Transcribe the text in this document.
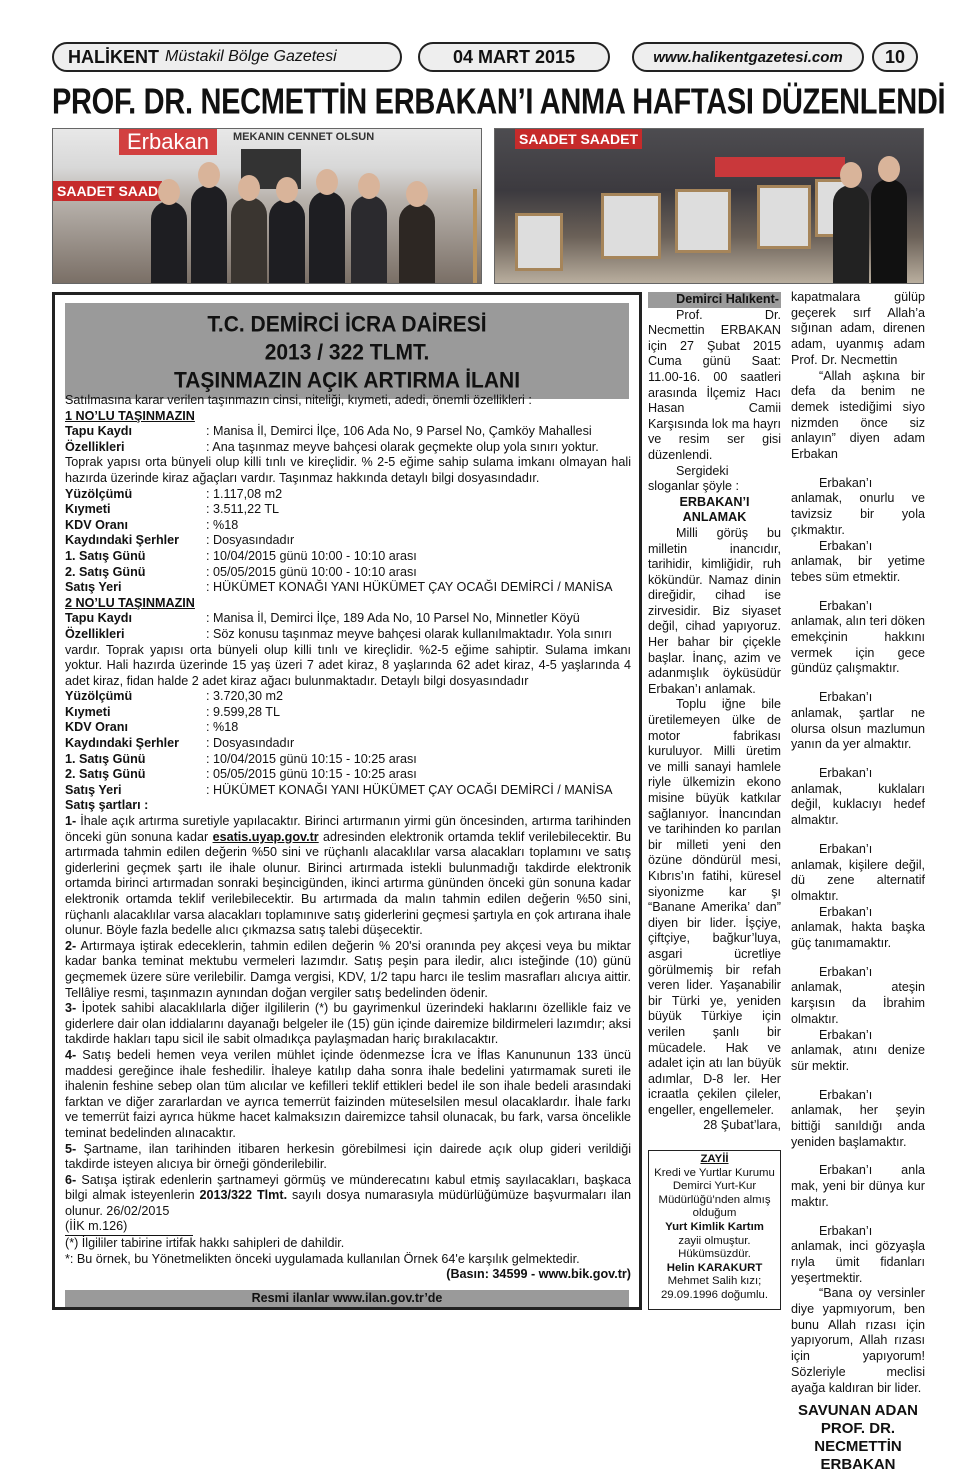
HALİKENT Müstakil Bölge Gazetesi	04 MART 2015	www.halikentgazetesi.com	10
PROF. DR. NECMETTİN ERBAKAN’I ANMA HAFTASI DÜZENLENDİ
Erbakan	MEKANIN CENNET OLSUN
SAADET SAAD
SAADET SAADET
T.C. DEMİRCİ İCRA DAİRESİ
2013 / 322 TLMT.
TAŞINMAZIN AÇIK ARTIRMA İLANI

Satılmasına karar verilen taşınmazın cinsi, niteliği, kıymeti, adedi, önemli özellikleri :

1 NO’LU TAŞINMAZIN

Tapu Kaydı	: Manisa İl, Demirci İlçe, 106 Ada No, 9 Parsel No, Çamköy Mahallesi
Özellikleri	: Ana taşınmaz meyve bahçesi olarak geçmekte olup yola sınırı yoktur.

Toprak yapısı orta bünyeli olup killi tınlı ve kireçlidir. % 2-5 eğime sahip sulama imkanı olmayan hali hazırda üzerinde kiraz ağaçları vardır. Taşınmaz hakkında detaylı bilgi dosyasındadır.

Yüzölçümü	: 1.117,08 m2
Kıymeti	: 3.511,22 TL
KDV Oranı	: %18
Kaydındaki Şerhler	: Dosyasındadır
1. Satış Günü	: 10/04/2015 günü 10:00 - 10:10 arası
2. Satış Günü	: 05/05/2015 günü 10:00 - 10:10 arası
Satış Yeri	: HÜKÜMET KONAĞI YANI HÜKÜMET ÇAY OCAĞI DEMİRCİ / MANİSA

2 NO’LU TAŞINMAZIN

Tapu Kaydı	: Manisa İl, Demirci İlçe, 189 Ada No, 10 Parsel No, Minnetler Köyü
Özellikleri	: Söz konusu taşınmaz meyve bahçesi olarak kullanılmaktadır. Yola sınırı

vardır. Toprak yapısı orta bünyeli olup killi tınlı ve kireçlidir. %2-5 eğime sahiptir. Sulama imkanı yoktur. Hali hazırda üzerinde 15 yaş üzeri 7 adet kiraz, 8 yaşlarında 62 adet kiraz, 4-5 yaşlarında 4 adet kiraz, fidan halde 2 adet kiraz ağacı bulunmaktadır. Detaylı bilgi dosyasındadır

Yüzölçümü	: 3.720,30 m2
Kıymeti	: 9.599,28 TL
KDV Oranı	: %18
Kaydındaki Şerhler	: Dosyasındadır
1. Satış Günü	: 10/04/2015 günü 10:15 - 10:25 arası
2. Satış Günü	: 05/05/2015 günü 10:15 - 10:25 arası
Satış Yeri	: HÜKÜMET KONAĞI YANI HÜKÜMET ÇAY OCAĞI DEMİRCİ / MANİSA

Satış şartları :

1- İhale açık artırma suretiyle yapılacaktır. Birinci artırmanın yirmi gün öncesinden, artırma tarihinden önceki gün sonuna kadar esatis.uyap.gov.tr adresinden elektronik ortamda teklif verilebilecektir. Bu artırmada tahmin edilen değerin %50 sini ve rüçhanlı alacaklılar varsa alacakları toplamını ve satış giderlerini geçmek şartı ile ihale olunur. Birinci artırmada istekli bulunmadığı takdirde elektronik ortamda birinci artırmadan sonraki beşincigünden, ikinci artırma gününden önceki gün sonuna kadar elektronik ortamda teklif verilebilecektir. Bu artırmada da malın tahmin edilen değerin %50 sini, rüçhanlı alacaklılar varsa alacakları toplamınıve satış giderlerini geçmesi şartıyla en çok artırana ihale olunur. Böyle fazla bedelle alıcı çıkmazsa satış talebi düşecektir.

2- Artırmaya iştirak edeceklerin, tahmin edilen değerin % 20'si oranında pey akçesi veya bu miktar kadar banka teminat mektubu vermeleri lazımdır. Satış peşin para iledir, alıcı isteğinde (10) günü geçmemek üzere süre verilebilir. Damga vergisi, KDV, 1/2 tapu harcı ile teslim masrafları alıcıya aittir. Tellâliye resmi, taşınmazın aynından doğan vergiler satış bedelinden ödenir.

3- İpotek sahibi alacaklılarla diğer ilgililerin (*) bu gayrimenkul üzerindeki haklarını özellikle faiz ve giderlere dair olan iddialarını dayanağı belgeler ile (15) gün içinde dairemize bildirmeleri lazımdır; aksi takdirde hakları tapu sicil ile sabit olmadıkça paylaşmadan hariç bırakılacaktır.

4- Satış bedeli hemen veya verilen mühlet içinde ödenmezse İcra ve İflas Kanununun 133 üncü maddesi gereğince ihale feshedilir. İhaleye katılıp daha sonra ihale bedelini yatırmamak sureti ile ihalenin feshine sebep olan tüm alıcılar ve kefilleri teklif ettikleri bedel ile son ihale bedeli arasındaki farktan ve diğer zararlardan ve ayrıca temerrüt faizinden müteselsilen mesul olacaklardır. İhale farkı ve temerrüt faizi ayrıca hükme hacet kalmaksızın dairemizce tahsil olunacak, bu fark, varsa öncelikle teminat bedelinden alınacaktır.

5- Şartname, ilan tarihinden itibaren herkesin görebilmesi için dairede açık olup gideri verildiği takdirde isteyen alıcıya bir örneği gönderilebilir.

6- Satışa iştirak edenlerin şartnameyi görmüş ve münderecatını kabul etmiş sayılacakları, başkaca bilgi almak isteyenlerin 2013/322 Tlmt. sayılı dosya numarasıyla müdürlüğümüze başvurmaları ilan olunur. 26/02/2015

(İİK m.126)

(*) İlgililer tabirine irtifak hakkı sahipleri de dahildir.

*: Bu örnek, bu Yönetmelikten önceki uygulamada kullanılan Örnek 64'e karşılık gelmektedir.

(Basın: 34599 - www.bik.gov.tr)

Resmi ilanlar www.ilan.gov.tr’de

Demirci Halıkent-

Prof. Dr. Necmettin ERBAKAN için 27 Şubat 2015 Cuma günü Saat: 11.00-16. 00 saatleri arasında İlçemiz Hacı Hasan Camii Karşısında lok ma hayrı ve resim ser gisi düzenlendi.

Sergideki sloganlar şöyle :

ERBAKAN’I ANLAMAK

Milli görüş bu milletin inancıdır, tarihidir, kimliğidir, ruh kökündür. Namaz dinin direğidir, cihad ise zirvesidir. Biz siyaset değil, cihad yapıyoruz. Her bahar bir çiçekle başlar. İnanç, azim ve adanmışlık öyküsüdür Erbakan’ı anlamak.

Toplu iğne bile üretilemeyen ülke de motor fabrikası kuruluyor. Milli üretim ve milli sanayi hamlele riyle ülkemizin ekono misine büyük katkılar sağlanıyor. İnancından ve tarihinden ko parılan bir milleti yeni den özüne döndürül mesi, Kıbrıs’ın fatihi, küresel siyonizme kar şı “Banane Amerika’ dan” diyen bir lider. İşçiye, çiftçiye, bağkur’luya, asgari ücretliye görülmemiş bir refah veren lider. Yaşanabilir bir Türki ye, yeniden büyük Türkiye için verilen şanlı bir mücadele. Hak ve adalet için atı lan büyük adımlar, D-8 ler. Her icraatla çekilen çileler, engeller, engellemeler.

28 Şubat’lara,

ZAYİİ
Kredi ve Yurtlar Kurumu Demirci Yurt-Kur Müdürlüğü’nden almış olduğum
Yurt Kimlik Kartım
zayii olmuştur. Hükümsüzdür.
Helin KARAKURT
Mehmet Salih kızı; 29.09.1996 doğumlu.

kapatmalara gülüp geçerek sırf Allah’a sığınan adam, direnen adam, uyanmış adam Prof. Dr. Necmettin

“Allah aşkına bir defa da benim ne demek istediğimi siyo nizmden önce siz anlayın” diyen adam Erbakan

Erbakan’ı anlamak, onurlu ve tavizsiz bir yola çıkmaktır.

Erbakan’ı anlamak, bir yetime tebes süm etmektir.

Erbakan’ı anlamak, alın teri döken emekçinin hakkını vermek için gece gündüz çalışmaktır.

Erbakan’ı anlamak, şartlar ne olursa olsun mazlumun yanın da yer almaktır.

Erbakan’ı anlamak, kuklaları değil, kuklacıyı hedef almaktır.

Erbakan’ı anlamak, kişilere değil, dü zene alternatif olmaktır.

Erbakan’ı anlamak, hakta başka güç tanımamaktır.

Erbakan’ı anlamak, ateşin karşısın da İbrahim olmaktır.

Erbakan’ı anlamak, atını denize sür mektir.

Erbakan’ı anlamak, her şeyin bittiği sanıldığı anda yeniden başlamaktır.

Erbakan’ı anla mak, yeni bir dünya kur maktır.

Erbakan’ı anlamak, inci gözyaşla rıyla ümit fidanları yeşertmektir.

“Bana oy versinler diye yapmıyorum, ben bunu Allah rızası için yapıyorum, Allah rızası için yapıyorum! Sözleriyle meclisi ayağa kaldıran bir lider.

SAVUNAN ADAN PROF. DR. NECMETTİN ERBAKAN
